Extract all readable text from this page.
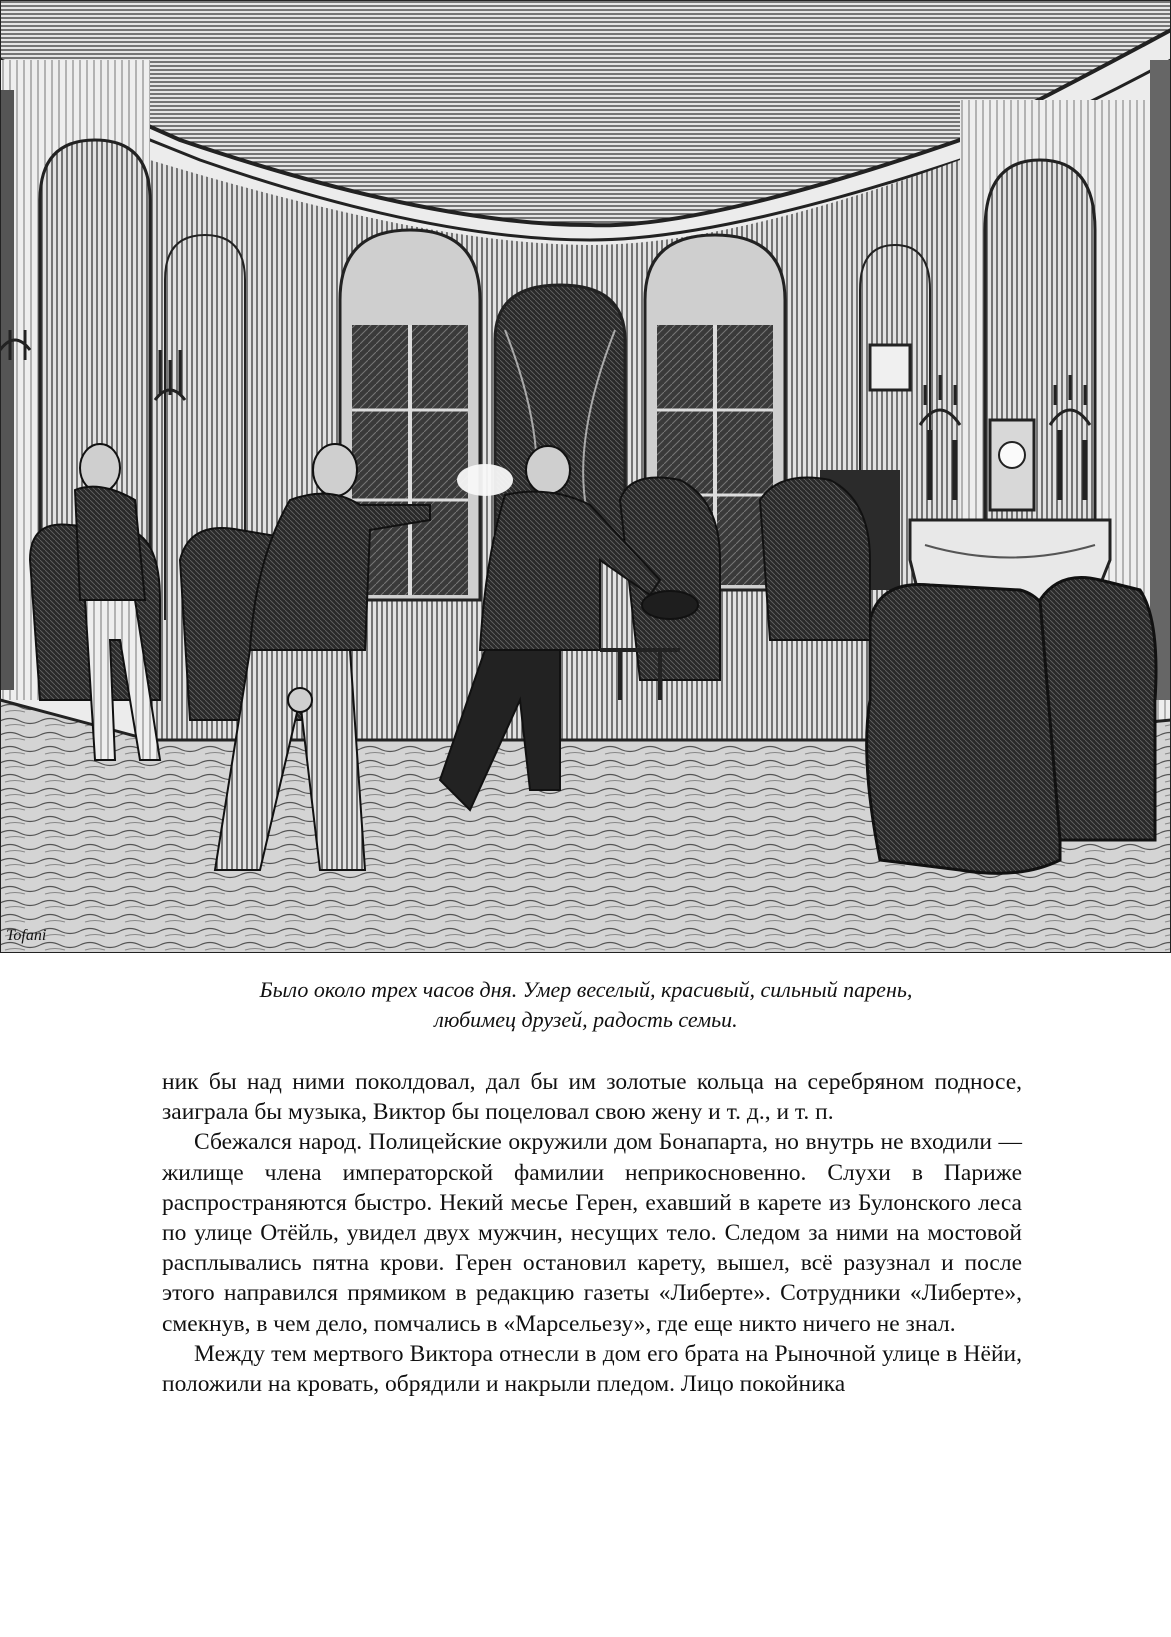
Tofani
Было около трех часов дня. Умер веселый, красивый, сильный парень,
любимец друзей, радость семьи.

ник бы над ними поколдовал, дал бы им золотые кольца на серебряном подносе, заиграла бы музыка, Виктор бы поцеловал свою жену и т. д., и т. п.

Сбежался народ. Полицейские окружили дом Бонапарта, но внутрь не входили — жилище члена императорской фамилии неприкосновенно. Слухи в Париже распространяются быстро. Некий месье Герен, ехавший в карете из Булонского леса по улице Отёйль, увидел двух мужчин, несущих тело. Следом за ними на мостовой расплывались пятна крови. Герен остановил карету, вышел, всё разузнал и после этого направился прямиком в редакцию газеты «Либерте». Сотрудники «Либерте», смекнув, в чем дело, помчались в «Марсельезу», где еще никто ничего не знал.

Между тем мертвого Виктора отнесли в дом его брата на Рыночной улице в Нёйи, положили на кровать, обрядили и накрыли пледом. Лицо покойника
